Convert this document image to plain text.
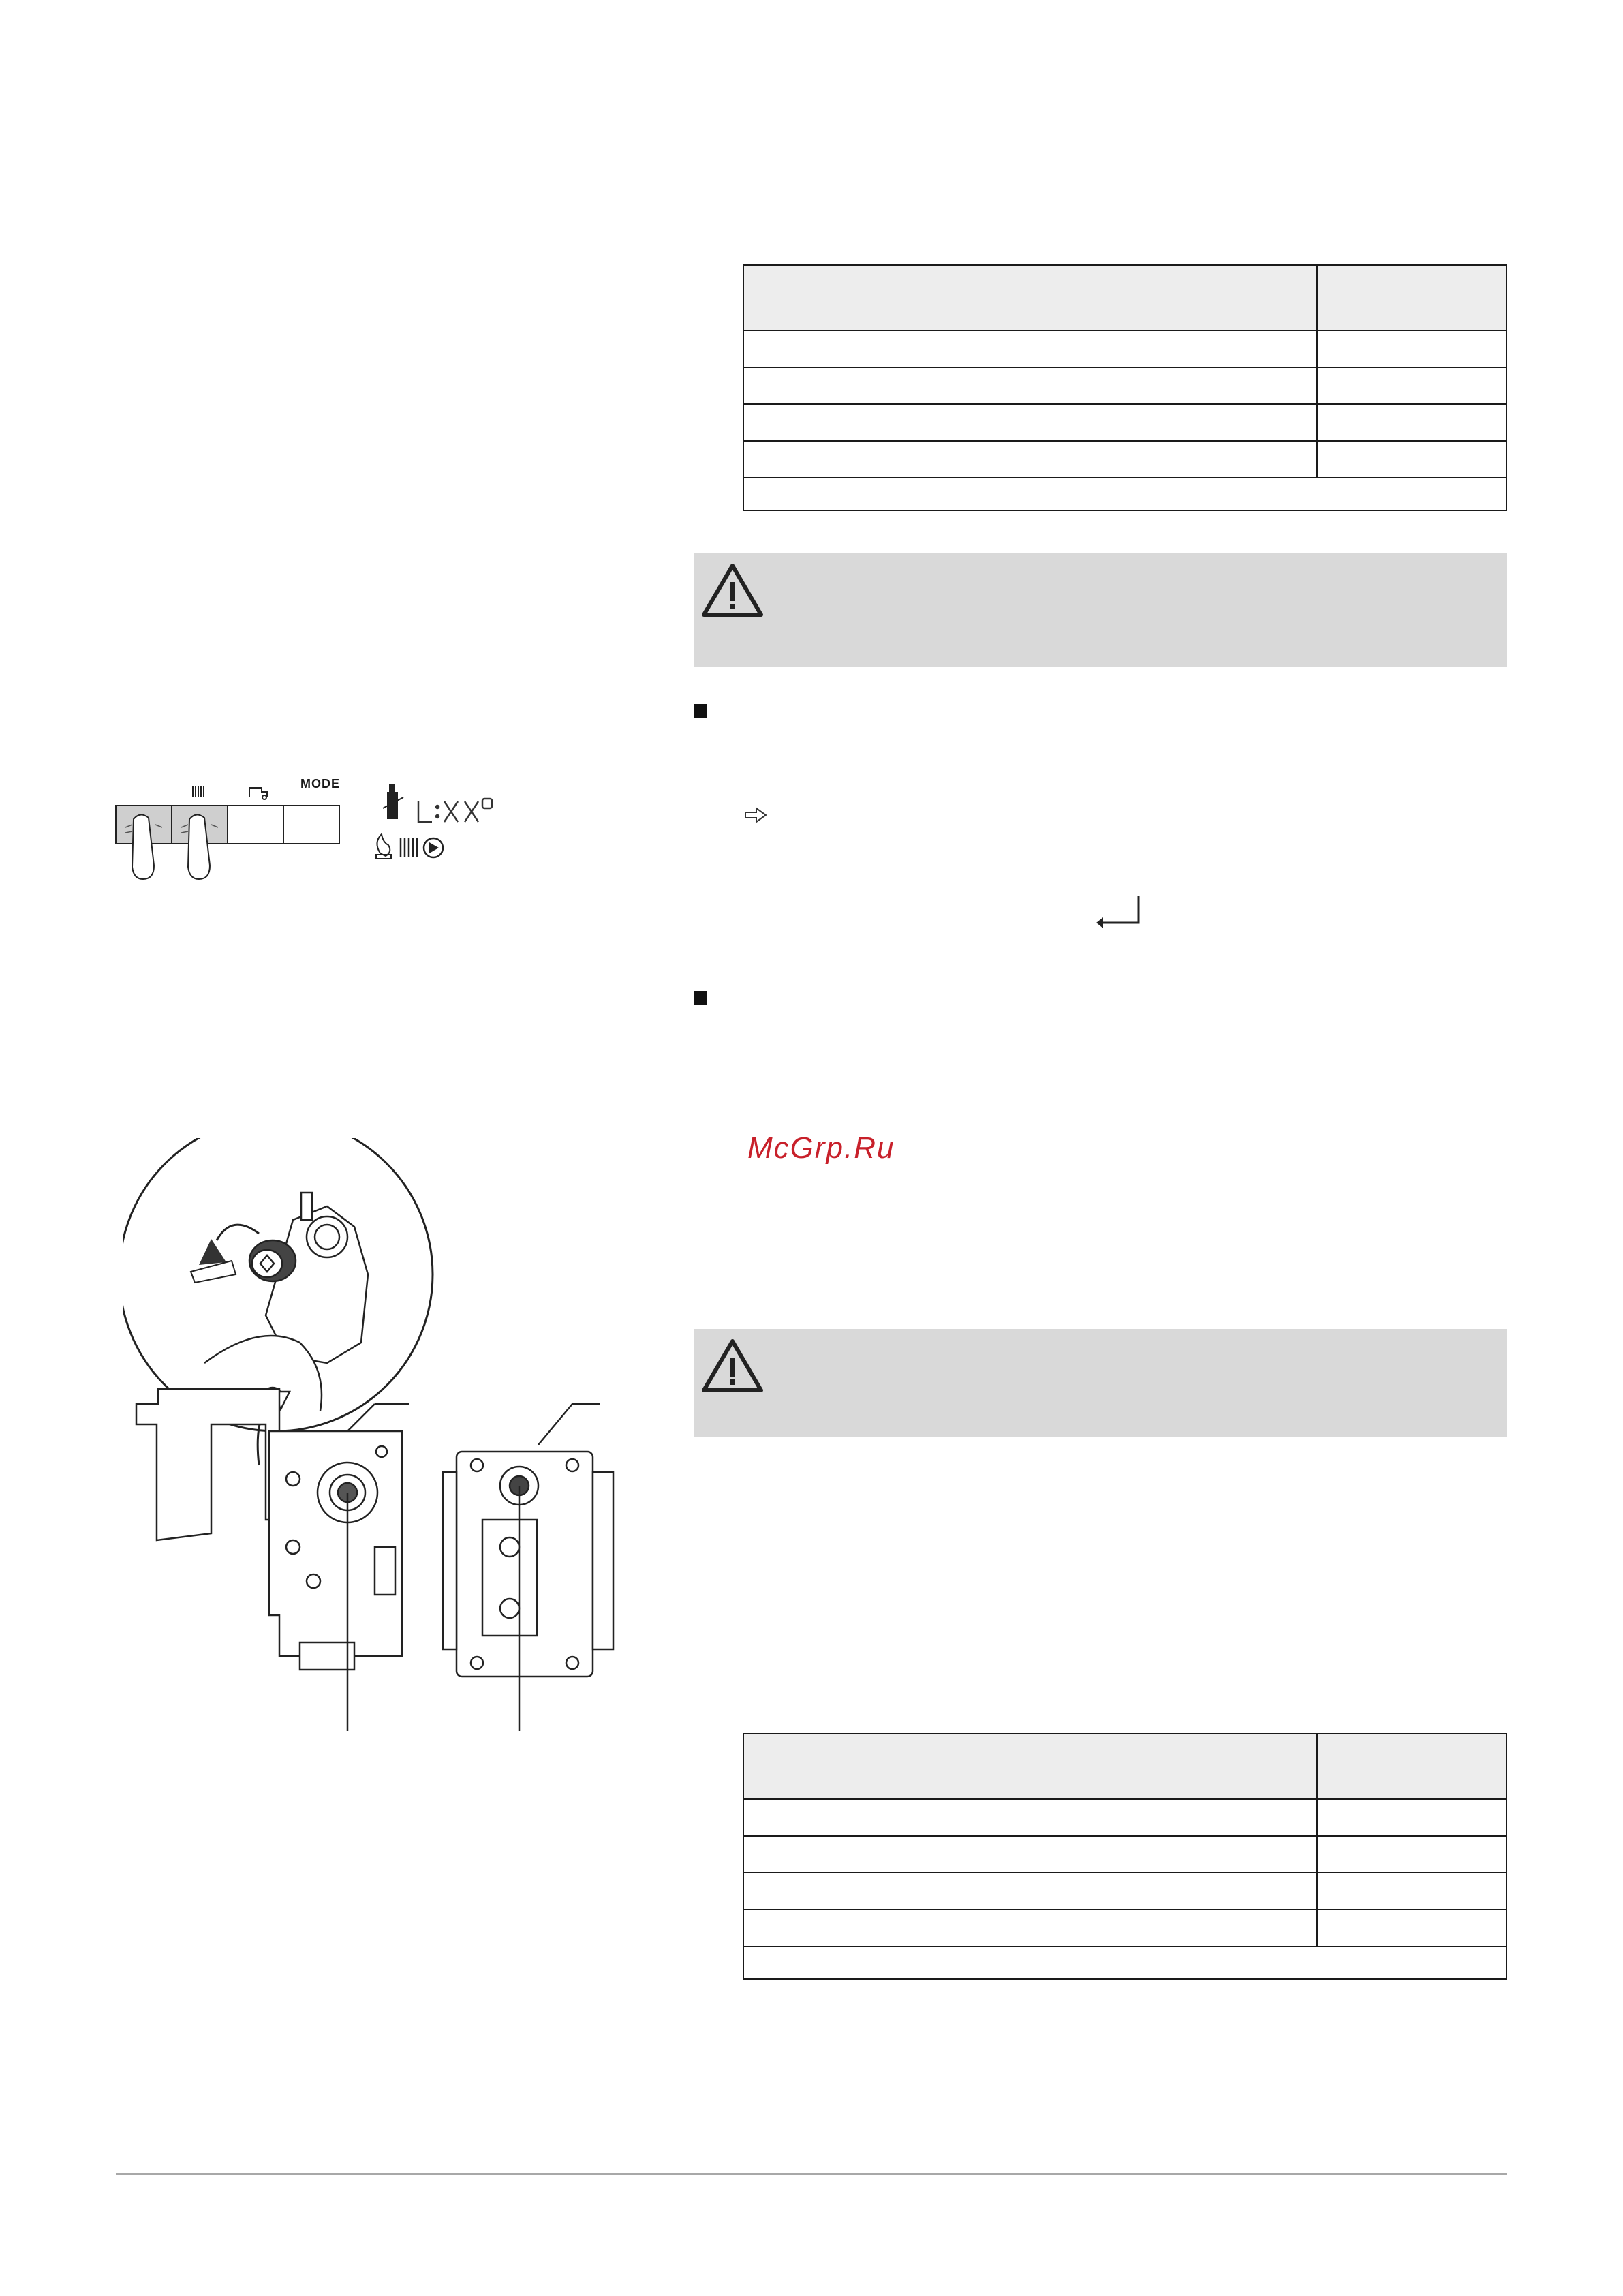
McGrp.Ru

MODE
